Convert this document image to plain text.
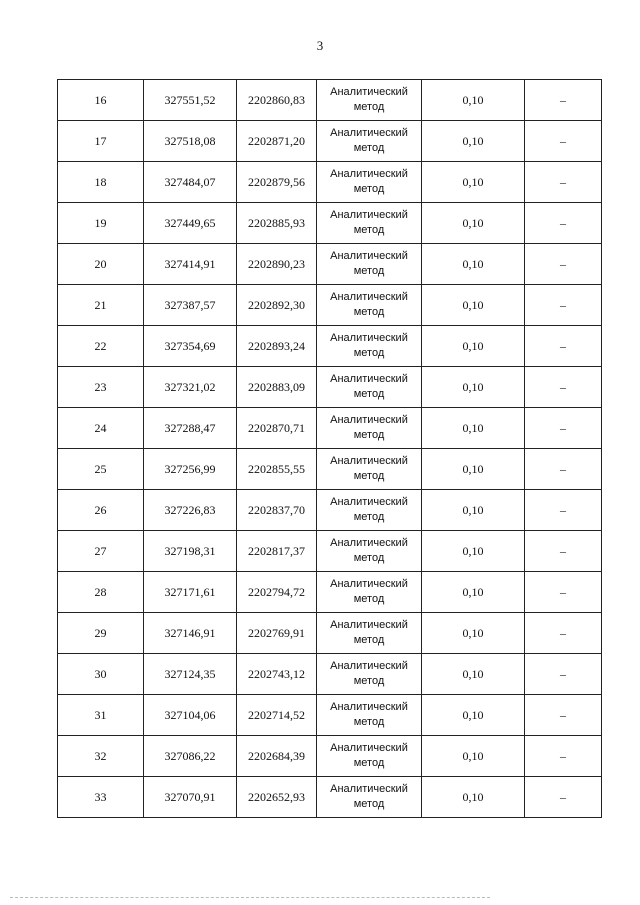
3
16	327551,52	2202860,83	Аналитический
метод	0,10	–
17	327518,08	2202871,20	Аналитический
метод	0,10	–
18	327484,07	2202879,56	Аналитический
метод	0,10	–
19	327449,65	2202885,93	Аналитический
метод	0,10	–
20	327414,91	2202890,23	Аналитический
метод	0,10	–
21	327387,57	2202892,30	Аналитический
метод	0,10	–
22	327354,69	2202893,24	Аналитический
метод	0,10	–
23	327321,02	2202883,09	Аналитический
метод	0,10	–
24	327288,47	2202870,71	Аналитический
метод	0,10	–
25	327256,99	2202855,55	Аналитический
метод	0,10	–
26	327226,83	2202837,70	Аналитический
метод	0,10	–
27	327198,31	2202817,37	Аналитический
метод	0,10	–
28	327171,61	2202794,72	Аналитический
метод	0,10	–
29	327146,91	2202769,91	Аналитический
метод	0,10	–
30	327124,35	2202743,12	Аналитический
метод	0,10	–
31	327104,06	2202714,52	Аналитический
метод	0,10	–
32	327086,22	2202684,39	Аналитический
метод	0,10	–
33	327070,91	2202652,93	Аналитический
метод	0,10	–
